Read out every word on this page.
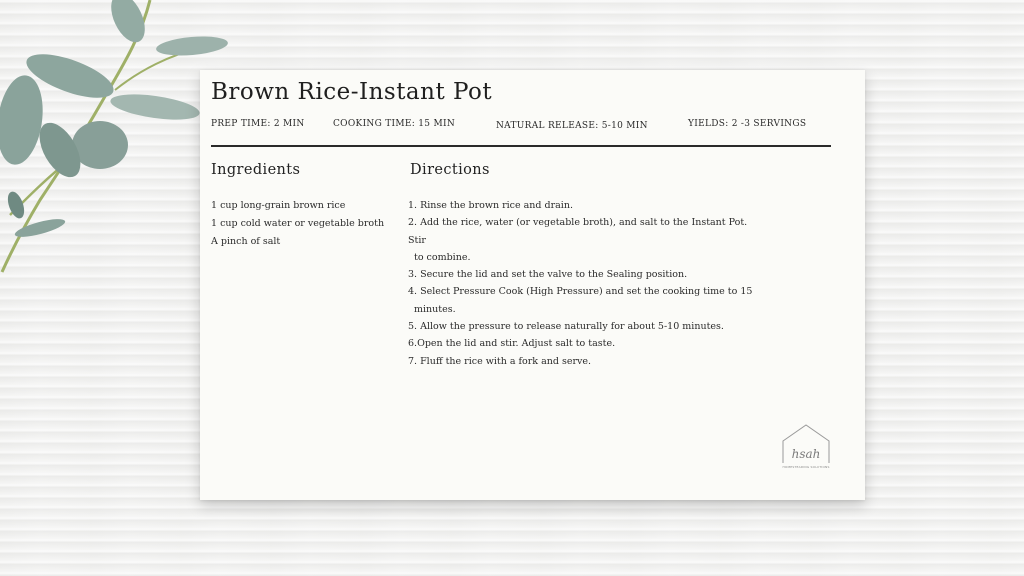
Brown Rice-Instant Pot
PREP TIME: 2 MIN	COOKING TIME: 15 MIN	NATURAL RELEASE: 5-10 MIN	YIELDS: 2 -3 SERVINGS
Ingredients	Directions
1 cup long-grain brown rice
1 cup cold water or vegetable broth
A pinch of salt
1. Rinse the brown rice and drain.
2. Add the rice, water (or vegetable broth), and salt to the Instant Pot. Stir
to combine.
3. Secure the lid and set the valve to the Sealing position.
4. Select Pressure Cook (High Pressure) and set the cooking time to 15
minutes.
5. Allow the pressure to release naturally for about 5-10 minutes.
6.Open the lid and stir. Adjust salt to taste.
7. Fluff the rice with a fork and serve.
hsah
HOMESTEADING SOLUTIONS
